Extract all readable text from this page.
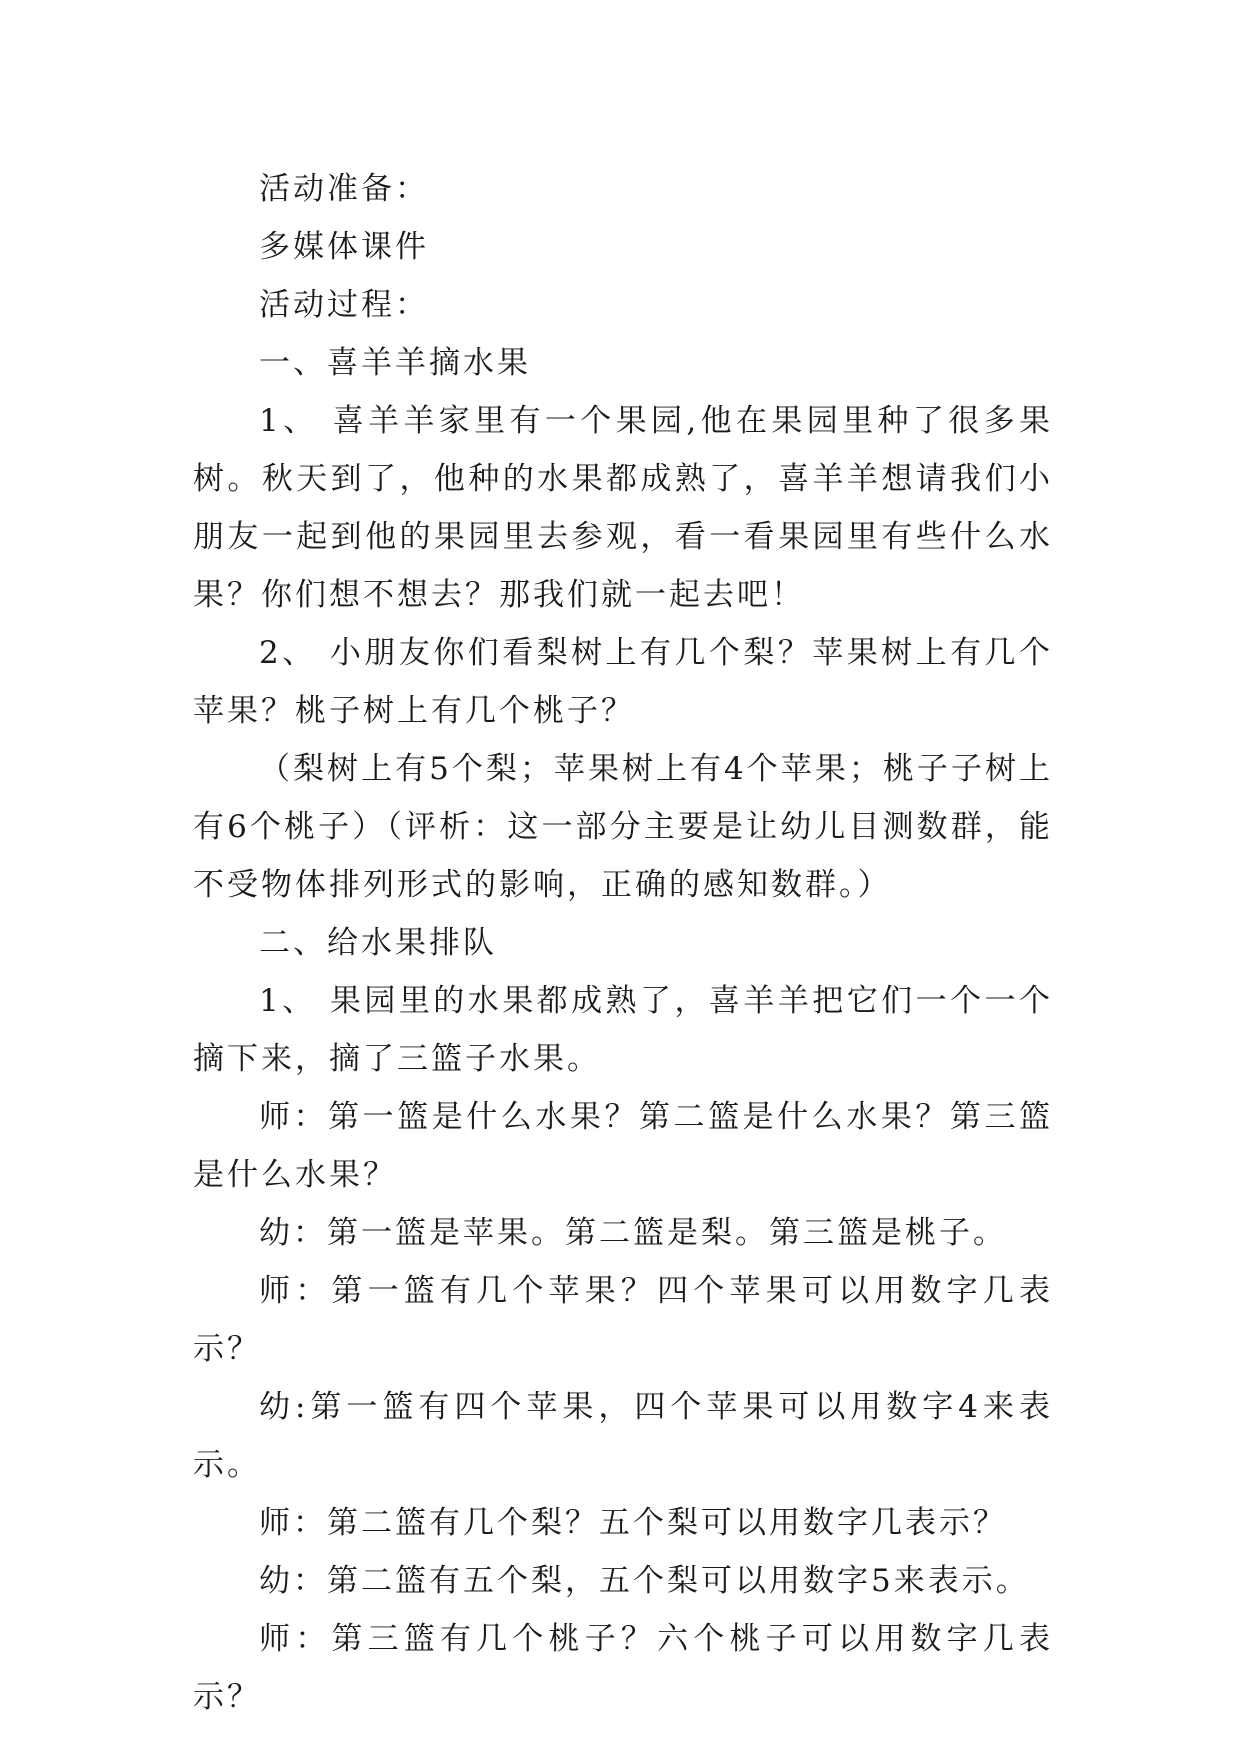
活动准备：

多媒体课件

活动过程：

一、喜羊羊摘水果

1、 喜羊羊家里有一个果园,他在果园里种了很多果树。秋天到了，他种的水果都成熟了，喜羊羊想请我们小朋友一起到他的果园里去参观，看一看果园里有些什么水果？你们想不想去？那我们就一起去吧！

2、 小朋友你们看梨树上有几个梨？苹果树上有几个苹果？桃子树上有几个桃子？

（梨树上有5个梨；苹果树上有4个苹果；桃子子树上有6个桃子）（评析：这一部分主要是让幼儿目测数群，能不受物体排列形式的影响，正确的感知数群。）

二、给水果排队

1、 果园里的水果都成熟了，喜羊羊把它们一个一个摘下来，摘了三篮子水果。

师：第一篮是什么水果？第二篮是什么水果？第三篮是什么水果？

幼：第一篮是苹果。第二篮是梨。第三篮是桃子。

师：第一篮有几个苹果？四个苹果可以用数字几表示？

幼:第一篮有四个苹果，四个苹果可以用数字4来表示。

师：第二篮有几个梨？五个梨可以用数字几表示？

幼：第二篮有五个梨，五个梨可以用数字5来表示。

师：第三篮有几个桃子？六个桃子可以用数字几表示？
